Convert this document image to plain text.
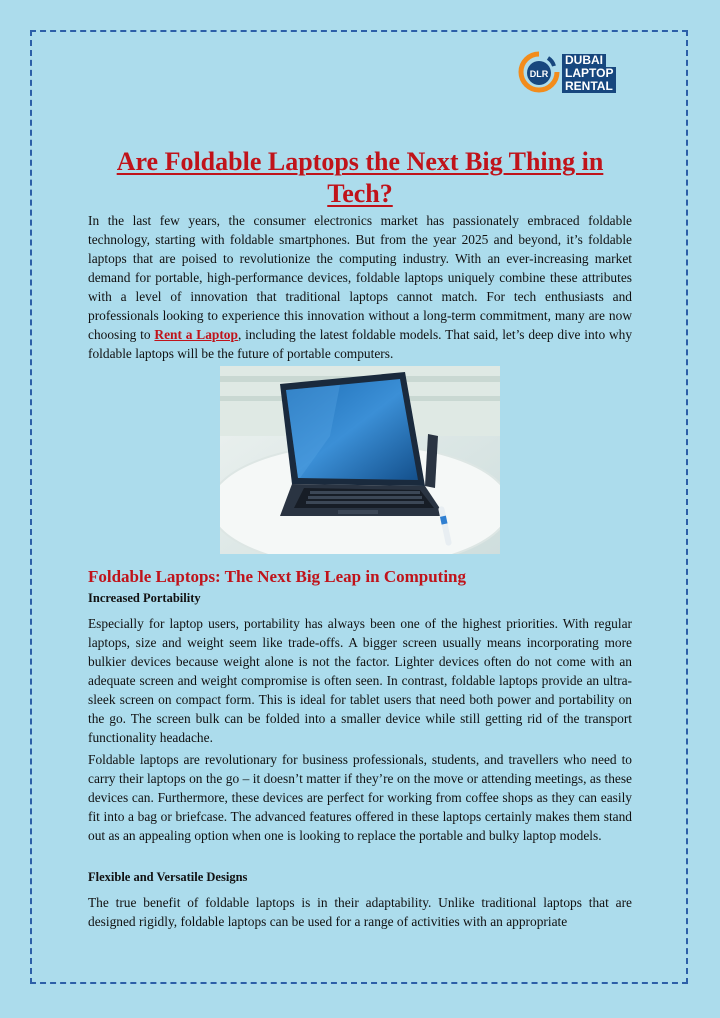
DLR
DUBAI
LAPTOP
RENTAL
Are Foldable Laptops the Next Big Thing in Tech?

In the last few years, the consumer electronics market has passionately embraced foldable technology, starting with foldable smartphones. But from the year 2025 and beyond, it’s foldable laptops that are poised to revolutionize the computing industry. With an ever-increasing market demand for portable, high-performance devices, foldable laptops uniquely combine these attributes with a level of innovation that traditional laptops cannot match. For tech enthusiasts and professionals looking to experience this innovation without a long-term commitment, many are now choosing to Rent a Laptop, including the latest foldable models. That said, let’s deep dive into why foldable laptops will be the future of portable computers.

Foldable Laptops: The Next Big Leap in Computing
Increased Portability

Especially for laptop users, portability has always been one of the highest priorities. With regular laptops, size and weight seem like trade-offs. A bigger screen usually means incorporating more bulkier devices because weight alone is not the factor. Lighter devices often do not come with an adequate screen and weight compromise is often seen. In contrast, foldable laptops provide an ultra-sleek screen on compact form. This is ideal for tablet users that need both power and portability on the go. The screen bulk can be folded into a smaller device while still getting rid of the transport functionality headache.

Foldable laptops are revolutionary for business professionals, students, and travellers who need to carry their laptops on the go – it doesn’t matter if they’re on the move or attending meetings, as these devices can. Furthermore, these devices are perfect for working from coffee shops as they can easily fit into a bag or briefcase. The advanced features offered in these laptops certainly makes them stand out as an appealing option when one is looking to replace the portable and bulky laptop models.

Flexible and Versatile Designs

The true benefit of foldable laptops is in their adaptability. Unlike traditional laptops that are designed rigidly, foldable laptops can be used for a range of activities with an appropriate
